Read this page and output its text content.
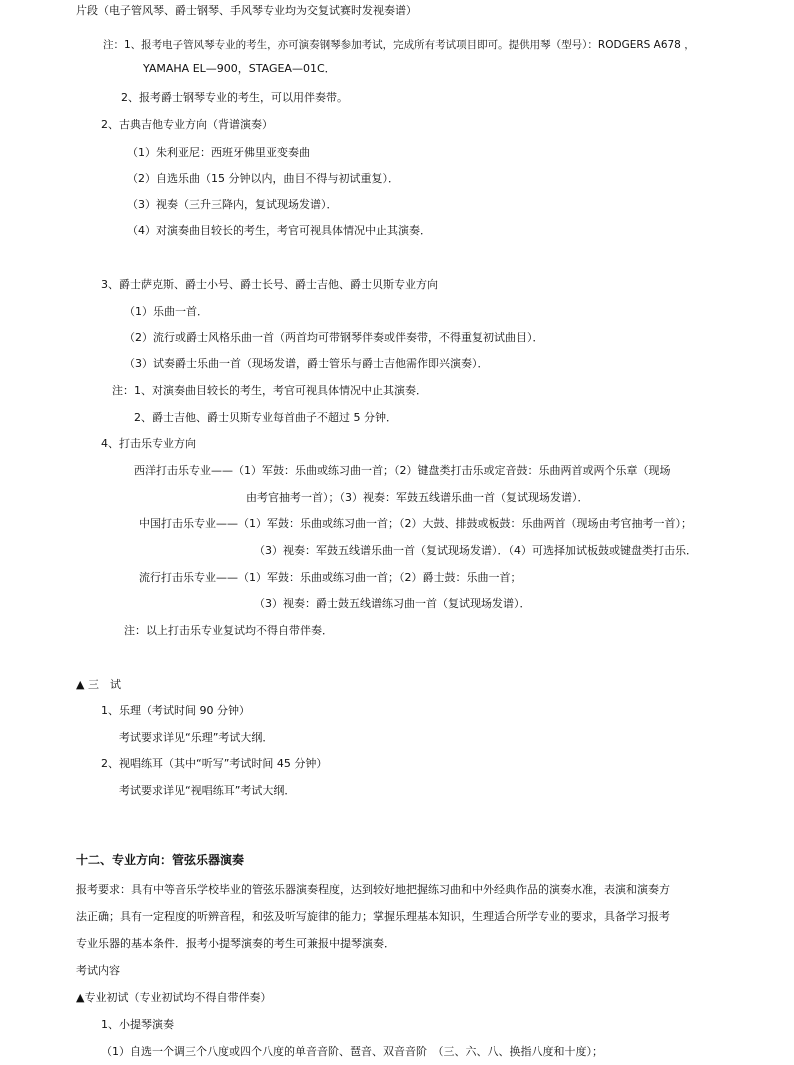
片段（电子管风琴、爵士钢琴、手风琴专业均为交复试赛时发视奏谱）
注：1、报考电子管风琴专业的考生，亦可演奏钢琴参加考试，完成所有考试项目即可。提供用琴（型号）：RODGERS A678 ，
YAMAHA EL—900，STAGEA—01C．
2、报考爵士钢琴专业的考生，可以用伴奏带。
2、古典吉他专业方向（背谱演奏）
（1）朱利亚尼：西班牙佛里亚变奏曲
（2）自选乐曲（15 分钟以内，曲目不得与初试重复）．
（3）视奏（三升三降内，复试现场发谱）．
（4）对演奏曲目较长的考生，考官可视具体情况中止其演奏．
3、爵士萨克斯、爵士小号、爵士长号、爵士吉他、爵士贝斯专业方向
（1）乐曲一首．
（2）流行或爵士风格乐曲一首（两首均可带钢琴伴奏或伴奏带，不得重复初试曲目）．
（3）试奏爵士乐曲一首（现场发谱，爵士管乐与爵士吉他需作即兴演奏）．
注：1、对演奏曲目较长的考生，考官可视具体情况中止其演奏．
2、爵士吉他、爵士贝斯专业每首曲子不超过 5 分钟．
4、打击乐专业方向
西洋打击乐专业——（1）军鼓：乐曲或练习曲一首；（2）键盘类打击乐或定音鼓：乐曲两首或两个乐章（现场
由考官抽考一首）；（3）视奏：军鼓五线谱乐曲一首（复试现场发谱）．
中国打击乐专业——（1）军鼓：乐曲或练习曲一首；（2）大鼓、排鼓或板鼓：乐曲两首（现场由考官抽考一首）；
（3）视奏：军鼓五线谱乐曲一首（复试现场发谱）．（4）可选择加试板鼓或键盘类打击乐．
流行打击乐专业——（1）军鼓：乐曲或练习曲一首；（2）爵士鼓：乐曲一首；
（3）视奏：爵士鼓五线谱练习曲一首（复试现场发谱）．
注：以上打击乐专业复试均不得自带伴奏．
▲ 三　试
1、乐理（考试时间 90 分钟）
考试要求详见“乐理”考试大纲．
2、视唱练耳（其中“听写”考试时间 45 分钟）
考试要求详见“视唱练耳”考试大纲．
十二、专业方向：管弦乐器演奏
报考要求：具有中等音乐学校毕业的管弦乐器演奏程度，达到较好地把握练习曲和中外经典作品的演奏水准，表演和演奏方
法正确；具有一定程度的听辨音程，和弦及听写旋律的能力；掌握乐理基本知识，生理适合所学专业的要求，具备学习报考
专业乐器的基本条件．报考小提琴演奏的考生可兼报中提琴演奏．
考试内容
▲专业初试（专业初试均不得自带伴奏）
1、小提琴演奏
（1）自选一个调三个八度或四个八度的单音音阶、琶音、双音音阶　（三、六、八、换指八度和十度）；
